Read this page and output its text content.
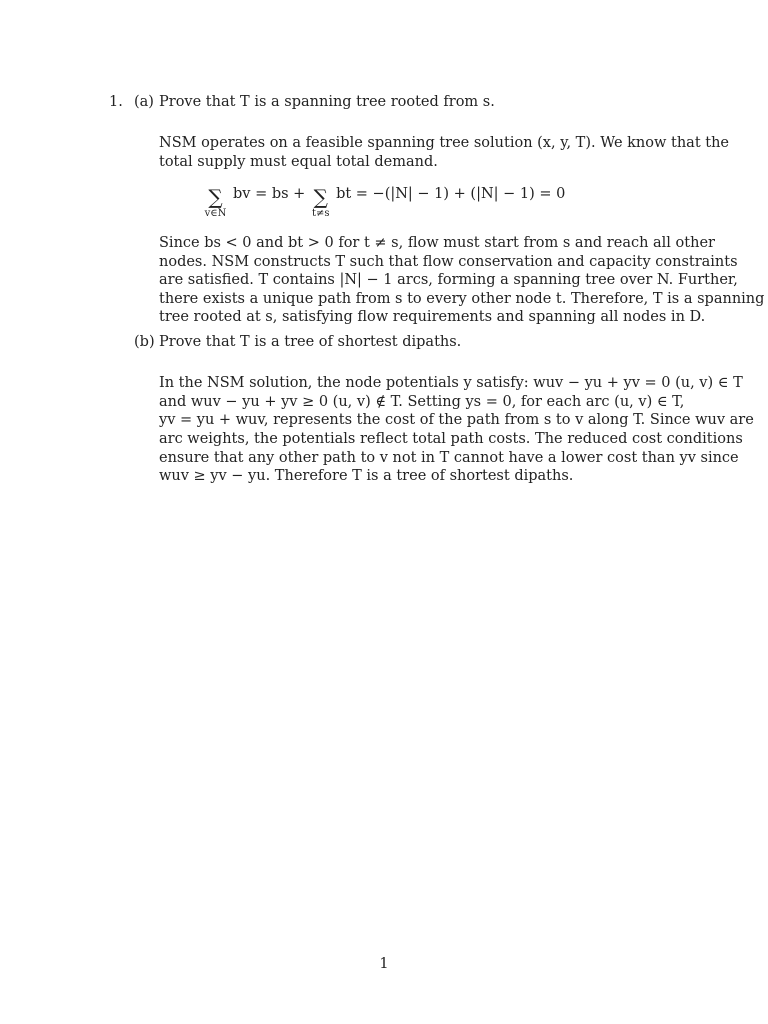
1. (a) Prove that T is a spanning tree rooted from s.
NSM operates on a feasible spanning tree solution (x, y, T). We know that the
total supply must equal total demand.
∑
v∈N
bv = bs + ∑
t≠s
bt = −(|N| − 1) + (|N| − 1) = 0
Since bs < 0 and bt > 0 for t ≠ s, flow must start from s and reach all other
nodes. NSM constructs T such that flow conservation and capacity constraints
are satisfied. T contains |N| − 1 arcs, forming a spanning tree over N. Further,
there exists a unique path from s to every other node t. Therefore, T is a spanning
tree rooted at s, satisfying flow requirements and spanning all nodes in D.
(b) Prove that T is a tree of shortest dipaths.
In the NSM solution, the node potentials y satisfy: wuv − yu + yv = 0 (u, v) ∈ T
and wuv − yu + yv ≥ 0 (u, v) ∉ T. Setting ys = 0, for each arc (u, v) ∈ T,
yv = yu + wuv, represents the cost of the path from s to v along T. Since wuv are
arc weights, the potentials reflect total path costs. The reduced cost conditions
ensure that any other path to v not in T cannot have a lower cost than yv since
wuv ≥ yv − yu. Therefore T is a tree of shortest dipaths.
1
